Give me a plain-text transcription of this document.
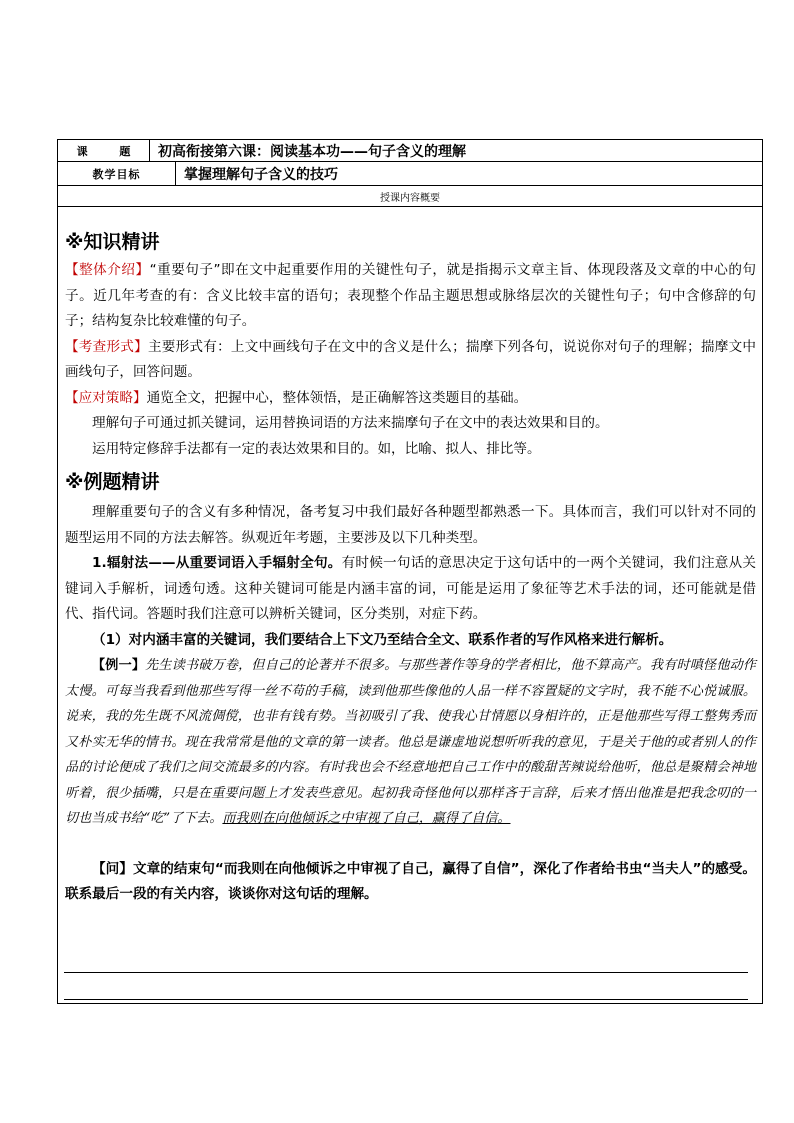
课 题 初高衔接第六课：阅读基本功——句子含义的理解
教学目标	掌握理解句子含义的技巧
授课内容概要
※知识精讲

【整体介绍】“重要句子”即在文中起重要作用的关键性句子，就是指揭示文章主旨、体现段落及文章的中心的句子。近几年考查的有：含义比较丰富的语句；表现整个作品主题思想或脉络层次的关键性句子；句中含修辞的句子；结构复杂比较难懂的句子。

【考查形式】主要形式有：上文中画线句子在文中的含义是什么；揣摩下列各句，说说你对句子的理解；揣摩文中画线句子，回答问题。

【应对策略】通览全文，把握中心，整体领悟，是正确解答这类题目的基础。

理解句子可通过抓关键词，运用替换词语的方法来揣摩句子在文中的表达效果和目的。

运用特定修辞手法都有一定的表达效果和目的。如，比喻、拟人、排比等。

※例题精讲

理解重要句子的含义有多种情况，备考复习中我们最好各种题型都熟悉一下。具体而言，我们可以针对不同的题型运用不同的方法去解答。纵观近年考题，主要涉及以下几种类型。

1.辐射法——从重要词语入手辐射全句。有时候一句话的意思决定于这句话中的一两个关键词，我们注意从关键词入手解析，词透句透。这种关键词可能是内涵丰富的词，可能是运用了象征等艺术手法的词，还可能就是借代、指代词。答题时我们注意可以辨析关键词，区分类别，对症下药。

（1）对内涵丰富的关键词，我们要结合上下文乃至结合全文、联系作者的写作风格来进行解析。

【例一】先生读书破万卷，但自己的论著并不很多。与那些著作等身的学者相比，他不算高产。我有时嗔怪他动作太慢。可每当我看到他那些写得一丝不苟的手稿，读到他那些像他的人品一样不容置疑的文字时，我不能不心悦诚服。说来，我的先生既不风流倜傥，也非有钱有势。当初吸引了我、使我心甘情愿以身相许的，正是他那些写得工整隽秀而又朴实无华的情书。现在我常常是他的文章的第一读者。他总是谦虚地说想听听我的意见，于是关于他的或者别人的作品的讨论便成了我们之间交流最多的内容。有时我也会不经意地把自己工作中的酸甜苦辣说给他听，他总是聚精会神地听着，很少插嘴，只是在重要问题上才发表些意见。起初我奇怪他何以那样吝于言辞，后来才悟出他准是把我念叨的一切也当成书给“吃”了下去。而我则在向他倾诉之中审视了自己，赢得了自信。

【问】文章的结束句“而我则在向他倾诉之中审视了自己，赢得了自信”，深化了作者给书虫“当夫人”的感受。联系最后一段的有关内容，谈谈你对这句话的理解。
